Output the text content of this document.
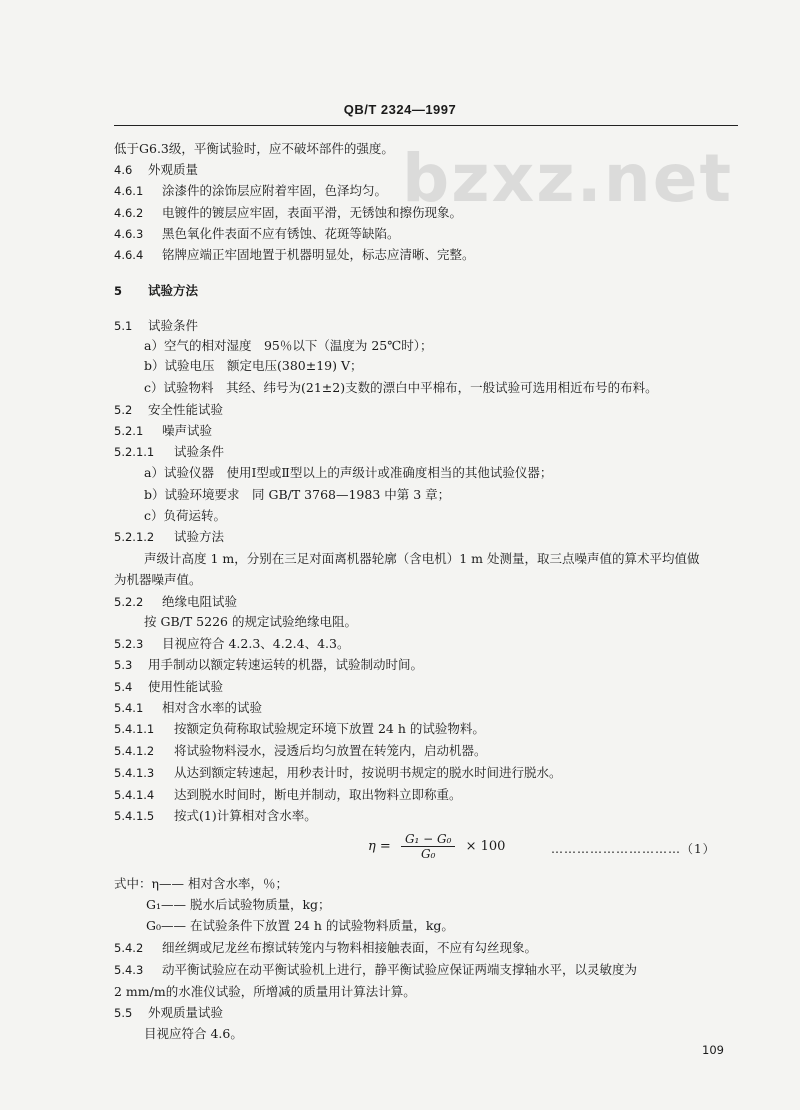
QB/T 2324—1997
bzxz.net
低于G6.3级，平衡试验时，应不破坏部件的强度。
4.6 外观质量
4.6.1 涂漆件的涂饰层应附着牢固，色泽均匀。
4.6.2 电镀件的镀层应牢固，表面平滑，无锈蚀和擦伤现象。
4.6.3 黑色氧化件表面不应有锈蚀、花斑等缺陷。
4.6.4 铭牌应端正牢固地置于机器明显处，标志应清晰、完整。
5 试验方法
5.1 试验条件
a）空气的相对湿度　95％以下（温度为 25℃时）；
b）试验电压　额定电压(380±19) V；
c）试验物料　其经、纬号为(21±2)支数的漂白中平棉布，一般试验可选用相近布号的布料。
5.2 安全性能试验
5.2.1 噪声试验
5.2.1.1 试验条件
a）试验仪器　使用Ⅰ型或Ⅱ型以上的声级计或准确度相当的其他试验仪器；
b）试验环境要求　同 GB/T 3768—1983 中第 3 章；
c）负荷运转。
5.2.1.2 试验方法
声级计高度 1 m，分别在三足对面离机器轮廓（含电机）1 m 处测量，取三点噪声值的算术平均值做
为机器噪声值。
5.2.2 绝缘电阻试验
按 GB/T 5226 的规定试验绝缘电阻。
5.2.3 目视应符合 4.2.3、4.2.4、4.3。
5.3 用手制动以额定转速运转的机器，试验制动时间。
5.4 使用性能试验
5.4.1 相对含水率的试验
5.4.1.1 按额定负荷称取试验规定环境下放置 24 h 的试验物料。
5.4.1.2 将试验物料浸水，浸透后均匀放置在转笼内，启动机器。
5.4.1.3 从达到额定转速起，用秒表计时，按说明书规定的脱水时间进行脱水。
5.4.1.4 达到脱水时间时，断电并制动，取出物料立即称重。
5.4.1.5 按式(1)计算相对含水率。
$\eta = \frac{\text{G₁ − G₀}}{\text{G₀}} \times 100$	…………………………（1）
式中：η—— 相对含水率，％；
G₁—— 脱水后试验物质量，kg；
G₀—— 在试验条件下放置 24 h 的试验物料质量，kg。
5.4.2 细丝绸或尼龙丝布擦试转笼内与物料相接触表面，不应有勾丝现象。
5.4.3 动平衡试验应在动平衡试验机上进行，静平衡试验应保证两端支撑轴水平，以灵敏度为
2 mm/m的水准仪试验，所增减的质量用计算法计算。
5.5 外观质量试验
目视应符合 4.6。
109
